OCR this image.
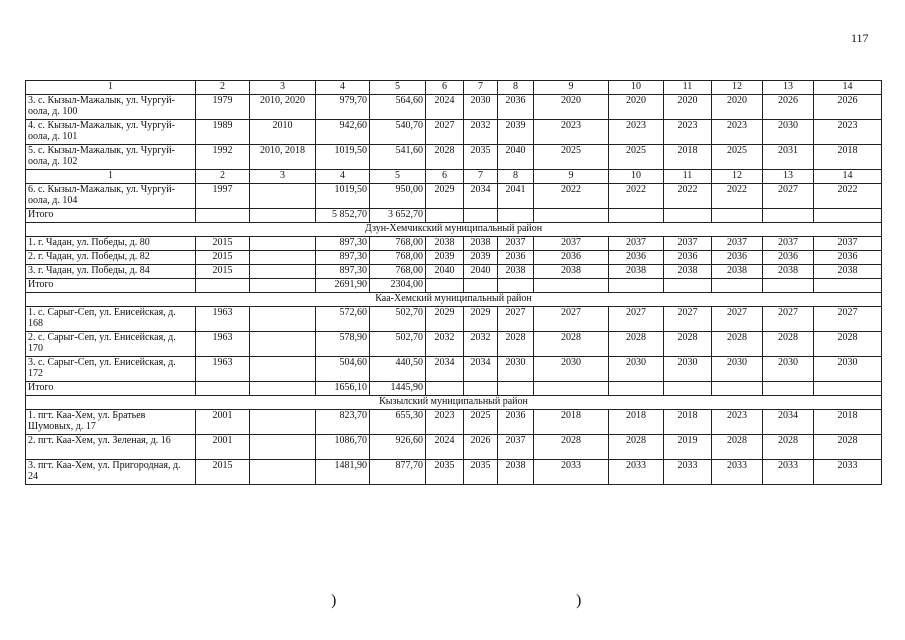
117
1	2	3	4	5	6	7	8	9	10	11	12	13	14
3. с. Кызыл-Мажалык, ул. Чургуй-оола, д. 100	1979	2010, 2020	979,70	564,60	2024	2030	2036	2020	2020	2020	2020	2026	2026
4. с. Кызыл-Мажалык, ул. Чургуй-оола, д. 101	1989	2010	942,60	540,70	2027	2032	2039	2023	2023	2023	2023	2030	2023
5. с. Кызыл-Мажалык, ул. Чургуй-оола, д. 102	1992	2010, 2018	1019,50	541,60	2028	2035	2040	2025	2025	2018	2025	2031	2018
1	2	3	4	5	6	7	8	9	10	11	12	13	14
6. с. Кызыл-Мажалык, ул. Чургуй-оола, д. 104	1997		1019,50	950,00	2029	2034	2041	2022	2022	2022	2022	2027	2022
Итого			5 852,70	3 652,70									
Дзун-Хемчикский муниципальный район													
1. г. Чадан, ул. Победы, д. 80	2015		897,30	768,00	2038	2038	2037	2037	2037	2037	2037	2037	2037
2. г. Чадан, ул. Победы, д. 82	2015		897,30	768,00	2039	2039	2036	2036	2036	2036	2036	2036	2036
3. г. Чадан, ул. Победы, д. 84	2015		897,30	768,00	2040	2040	2038	2038	2038	2038	2038	2038	2038
Итого			2691,90	2304,00									
Каа-Хемский муниципальный район													
1. с. Сарыг-Сеп, ул. Енисейская, д. 168	1963		572,60	502,70	2029	2029	2027	2027	2027	2027	2027	2027	2027
2. с. Сарыг-Сеп, ул. Енисейская, д. 170	1963		578,90	502,70	2032	2032	2028	2028	2028	2028	2028	2028	2028
3. с. Сарыг-Сеп, ул. Енисейская, д. 172	1963		504,60	440,50	2034	2034	2030	2030	2030	2030	2030	2030	2030
Итого			1656,10	1445,90									
Кызылский муниципальный район													
1. пгт. Каа-Хем, ул. Братьев Шумовых, д. 17	2001		823,70	655,30	2023	2025	2036	2018	2018	2018	2023	2034	2018
2. пгт. Каа-Хем, ул. Зеленая, д. 16	2001		1086,70	926,60	2024	2026	2037	2028	2028	2019	2028	2028	2028
3. пгт. Каа-Хем, ул. Пригородная, д. 24	2015		1481,90	877,70	2035	2035	2038	2033	2033	2033	2033	2033	2033
)	)
